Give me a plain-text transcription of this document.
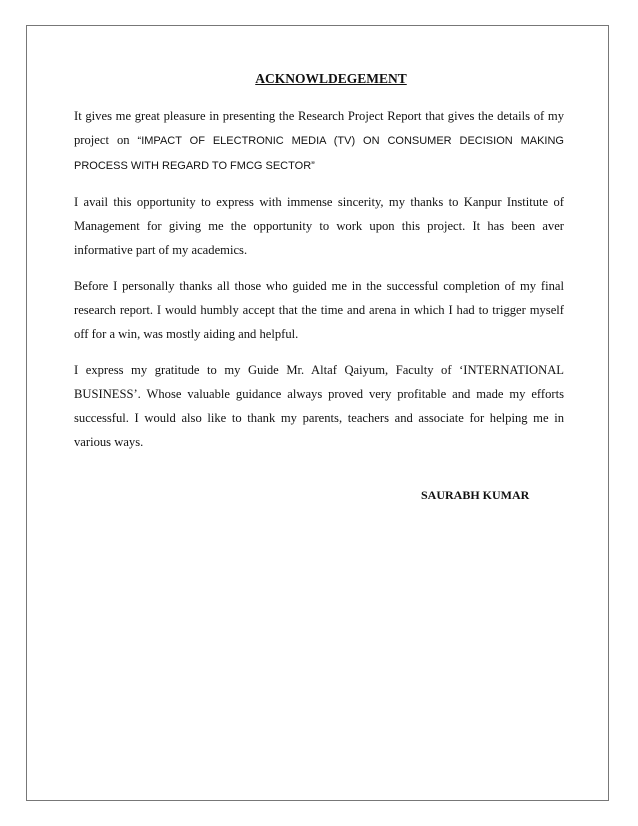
ACKNOWLDEGEMENT

It gives me great pleasure in presenting the Research Project Report that gives the details of my project on “IMPACT OF ELECTRONIC MEDIA (TV) ON CONSUMER DECISION MAKING PROCESS WITH REGARD TO FMCG SECTOR”

I avail this opportunity to express with immense sincerity, my thanks to Kanpur Institute of Management for giving me the opportunity to work upon this project. It has been aver informative part of my academics.

Before I personally thanks all those who guided me in the successful completion of my final research report. I would humbly accept that the time and arena in which I had to trigger myself off for a win, was mostly aiding and helpful.

I express my gratitude to my Guide Mr. Altaf Qaiyum, Faculty of ‘INTERNATIONAL BUSINESS’. Whose valuable guidance always proved very profitable and made my efforts successful. I would also like to thank my parents, teachers and associate for helping me in various ways.

SAURABH KUMAR
